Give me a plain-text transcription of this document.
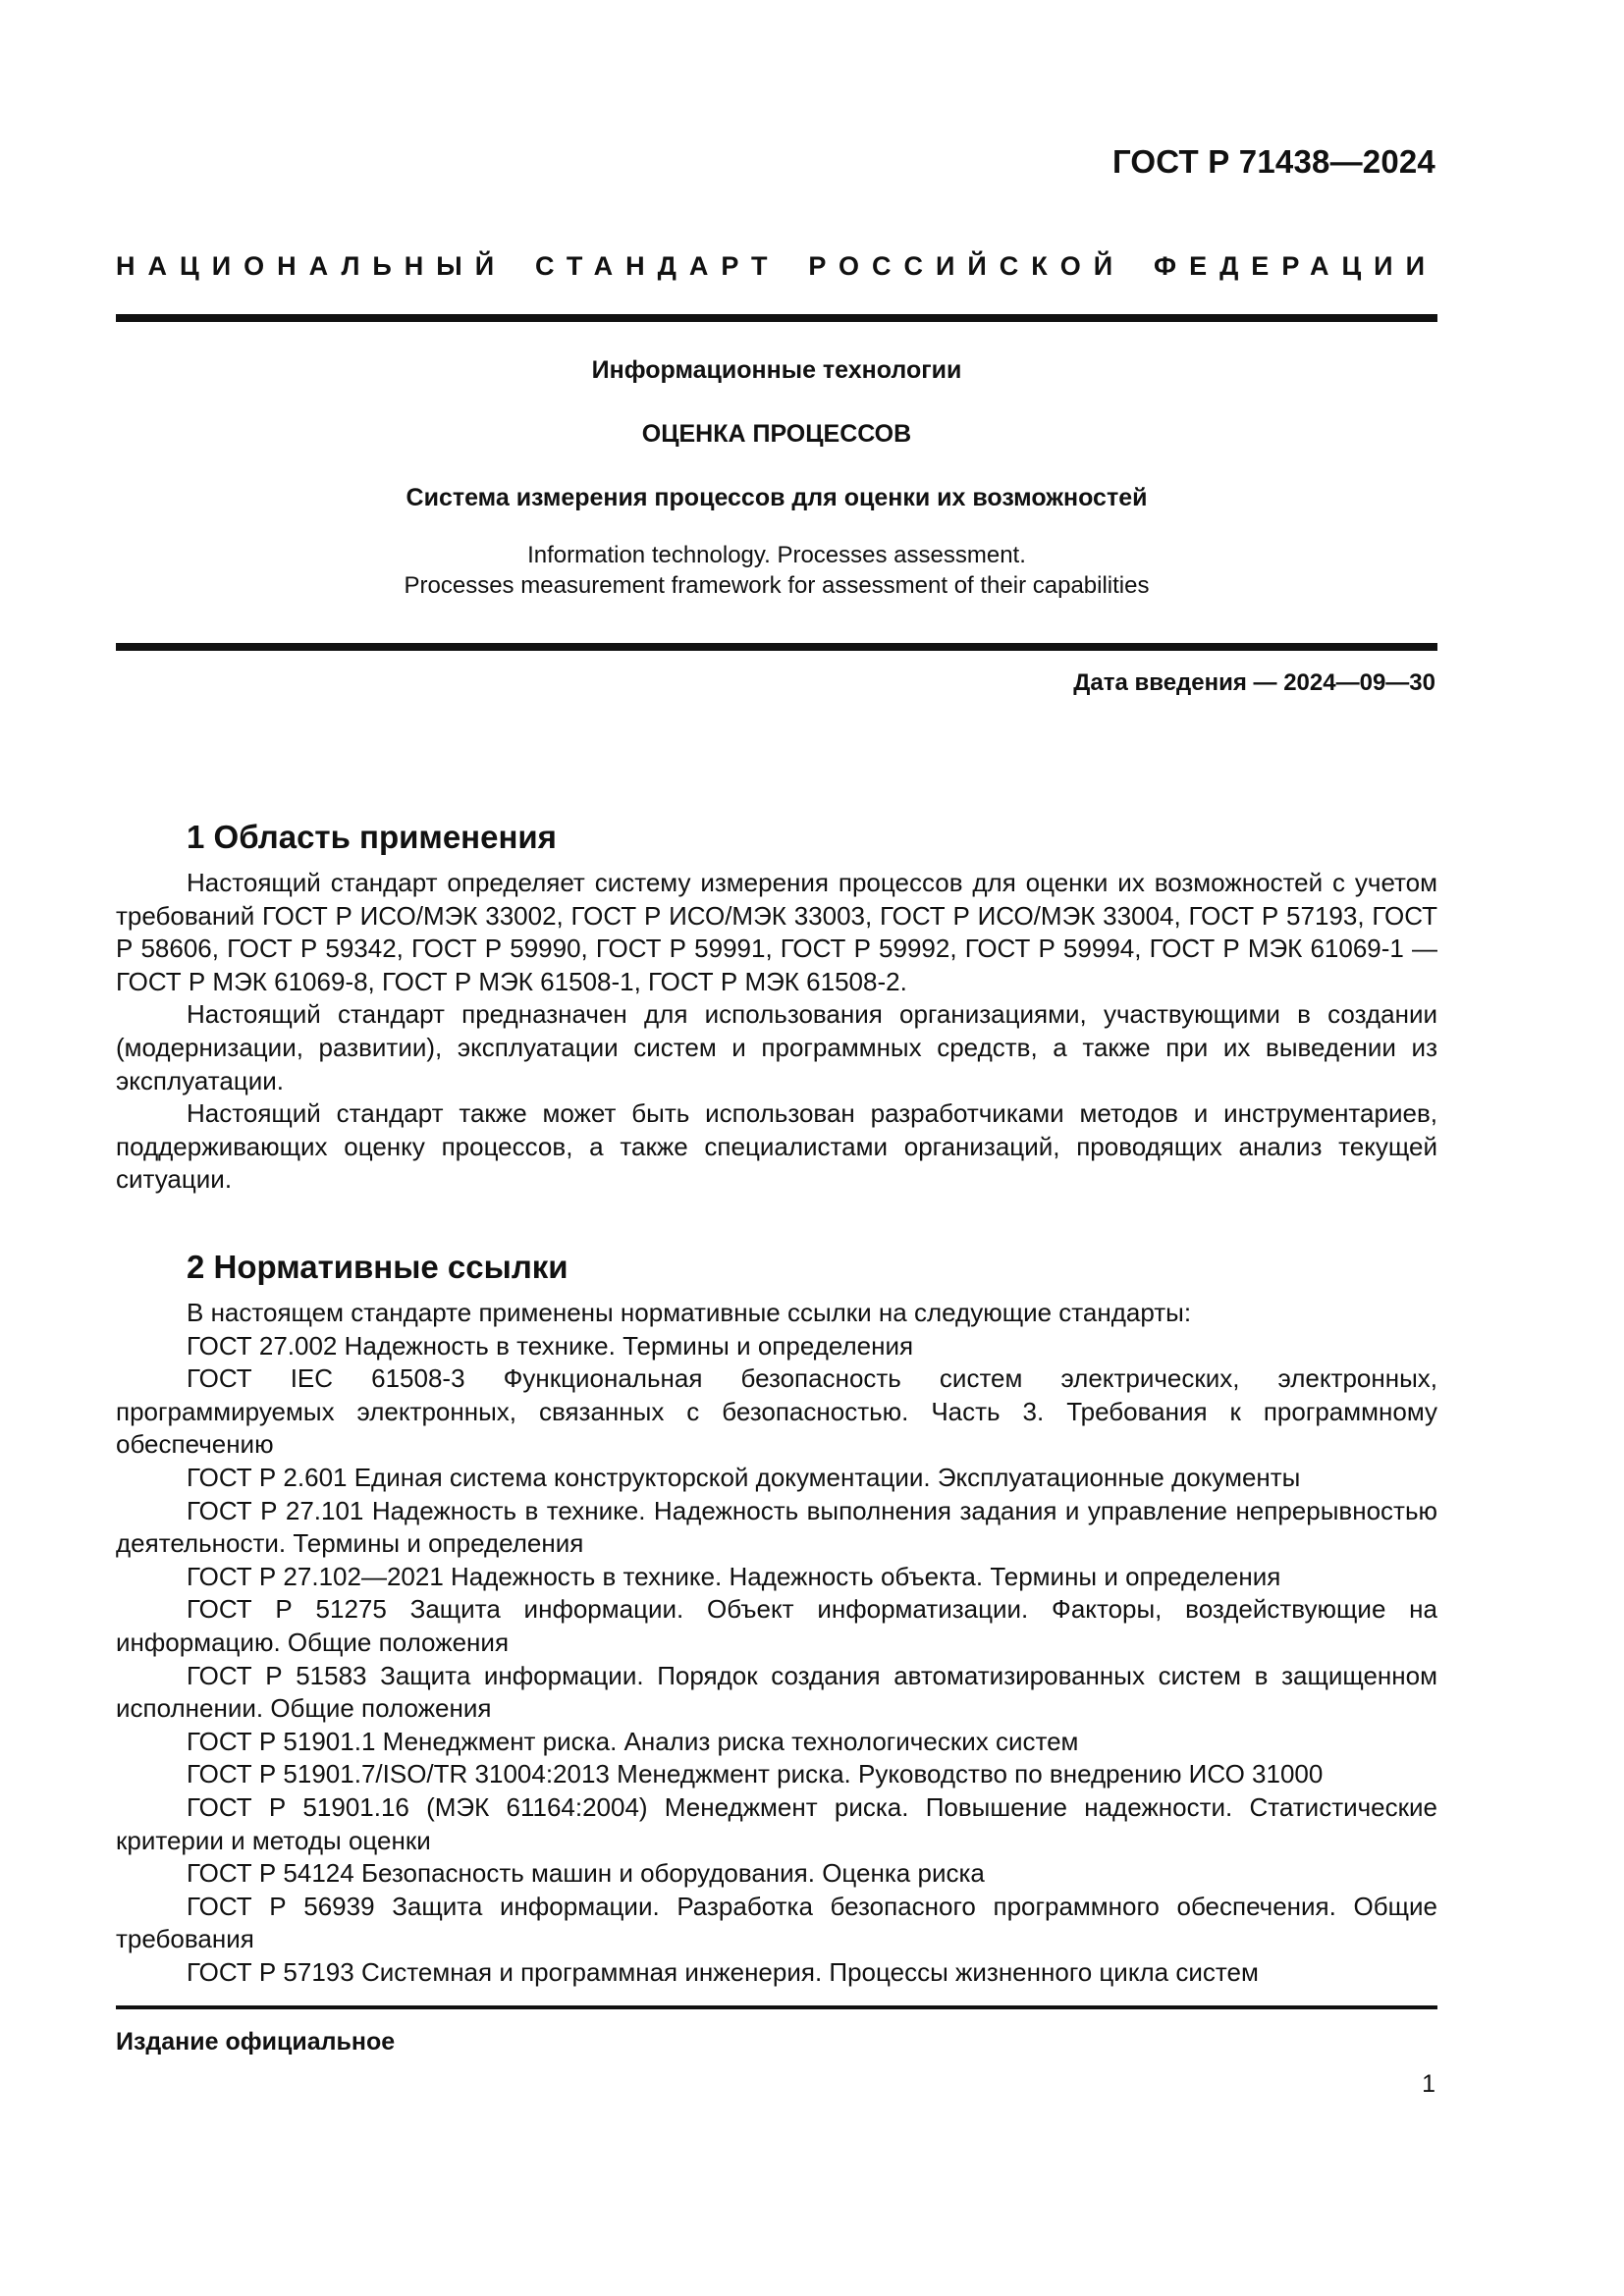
ГОСТ Р 71438—2024
НАЦИОНАЛЬНЫЙ СТАНДАРТ РОССИЙСКОЙ ФЕДЕРАЦИИ
Информационные технологии
ОЦЕНКА ПРОЦЕССОВ
Система измерения процессов для оценки их возможностей
Information technology. Processes assessment.
Processes measurement framework for assessment of their capabilities
Дата введения — 2024—09—30
1 Область применения

Настоящий стандарт определяет систему измерения процессов для оценки их возможностей с учетом требований ГОСТ Р ИСО/МЭК 33002, ГОСТ Р ИСО/МЭК 33003, ГОСТ Р ИСО/МЭК 33004, ГОСТ Р 57193, ГОСТ Р 58606, ГОСТ Р 59342, ГОСТ Р 59990, ГОСТ Р 59991, ГОСТ Р 59992, ГОСТ Р 59994, ГОСТ Р МЭК 61069-1 — ГОСТ Р МЭК 61069-8, ГОСТ Р МЭК 61508-1, ГОСТ Р МЭК 61508-2.

Настоящий стандарт предназначен для использования организациями, участвующими в создании (модернизации, развитии), эксплуатации систем и программных средств, а также при их выведении из эксплуатации.

Настоящий стандарт также может быть использован разработчиками методов и инструментариев, поддерживающих оценку процессов, а также специалистами организаций, проводящих анализ текущей ситуации.

2 Нормативные ссылки

В настоящем стандарте применены нормативные ссылки на следующие стандарты:

ГОСТ 27.002 Надежность в технике. Термины и определения

ГОСТ IEC 61508-3 Функциональная безопасность систем электрических, электронных, программируемых электронных, связанных с безопасностью. Часть 3. Требования к программному обеспечению

ГОСТ Р 2.601 Единая система конструкторской документации. Эксплуатационные документы

ГОСТ Р 27.101 Надежность в технике. Надежность выполнения задания и управление непрерывностью деятельности. Термины и определения

ГОСТ Р 27.102—2021 Надежность в технике. Надежность объекта. Термины и определения

ГОСТ Р 51275 Защита информации. Объект информатизации. Факторы, воздействующие на информацию. Общие положения

ГОСТ Р 51583 Защита информации. Порядок создания автоматизированных систем в защищенном исполнении. Общие положения

ГОСТ Р 51901.1 Менеджмент риска. Анализ риска технологических систем

ГОСТ Р 51901.7/ISO/TR 31004:2013 Менеджмент риска. Руководство по внедрению ИСО 31000

ГОСТ Р 51901.16 (МЭК 61164:2004) Менеджмент риска. Повышение надежности. Статистические критерии и методы оценки

ГОСТ Р 54124 Безопасность машин и оборудования. Оценка риска

ГОСТ Р 56939 Защита информации. Разработка безопасного программного обеспечения. Общие требования

ГОСТ Р 57193 Системная и программная инженерия. Процессы жизненного цикла систем

Издание официальное
1
